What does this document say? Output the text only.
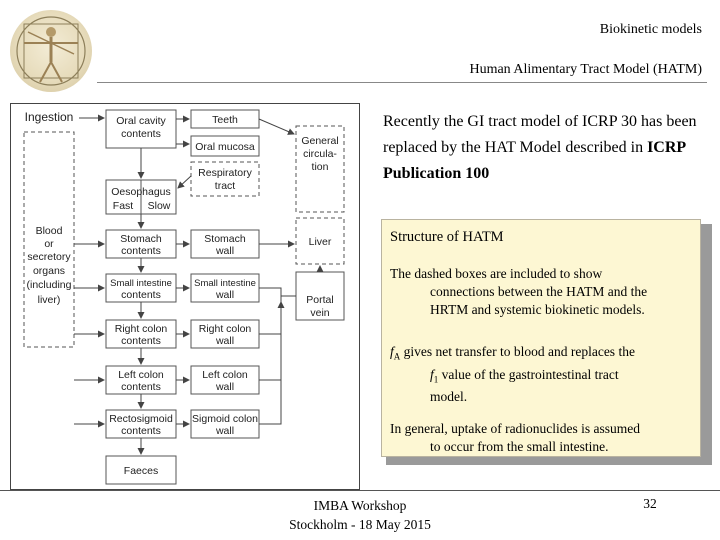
Biokinetic models
Human Alimentary Tract Model (HATM)
Ingestion	Oral cavity
contents
Teeth
Oral mucosa	General
circula-
tion
Respiratory
tract
Oesophagus
Fast Slow
Blood
or
secretory
organs
(including
liver)
Stomach
contents
Stomach
wall
Liver
Small intestine
contents
Small intestine
wall	Portal
vein
Right colon
contents
Right colon
wall
Left colon
contents
Left colon
wall
Rectosigmoid
contents
Sigmoid colon
wall
Faeces
Recently the GI tract model of ICRP 30 has been replaced by the HAT Model described in ICRP Publication 100
Structure of HATM
The dashed boxes are included to show
connections between the HATM and the
HRTM and systemic biokinetic models.
$f_A$ gives net transfer to blood and replaces the
$f_1$ value of the gastrointestinal tract
model.
In general, uptake of radionuclides is assumed
to occur from the small intestine.
IMBA Workshop
Stockholm - 18 May 2015
32
